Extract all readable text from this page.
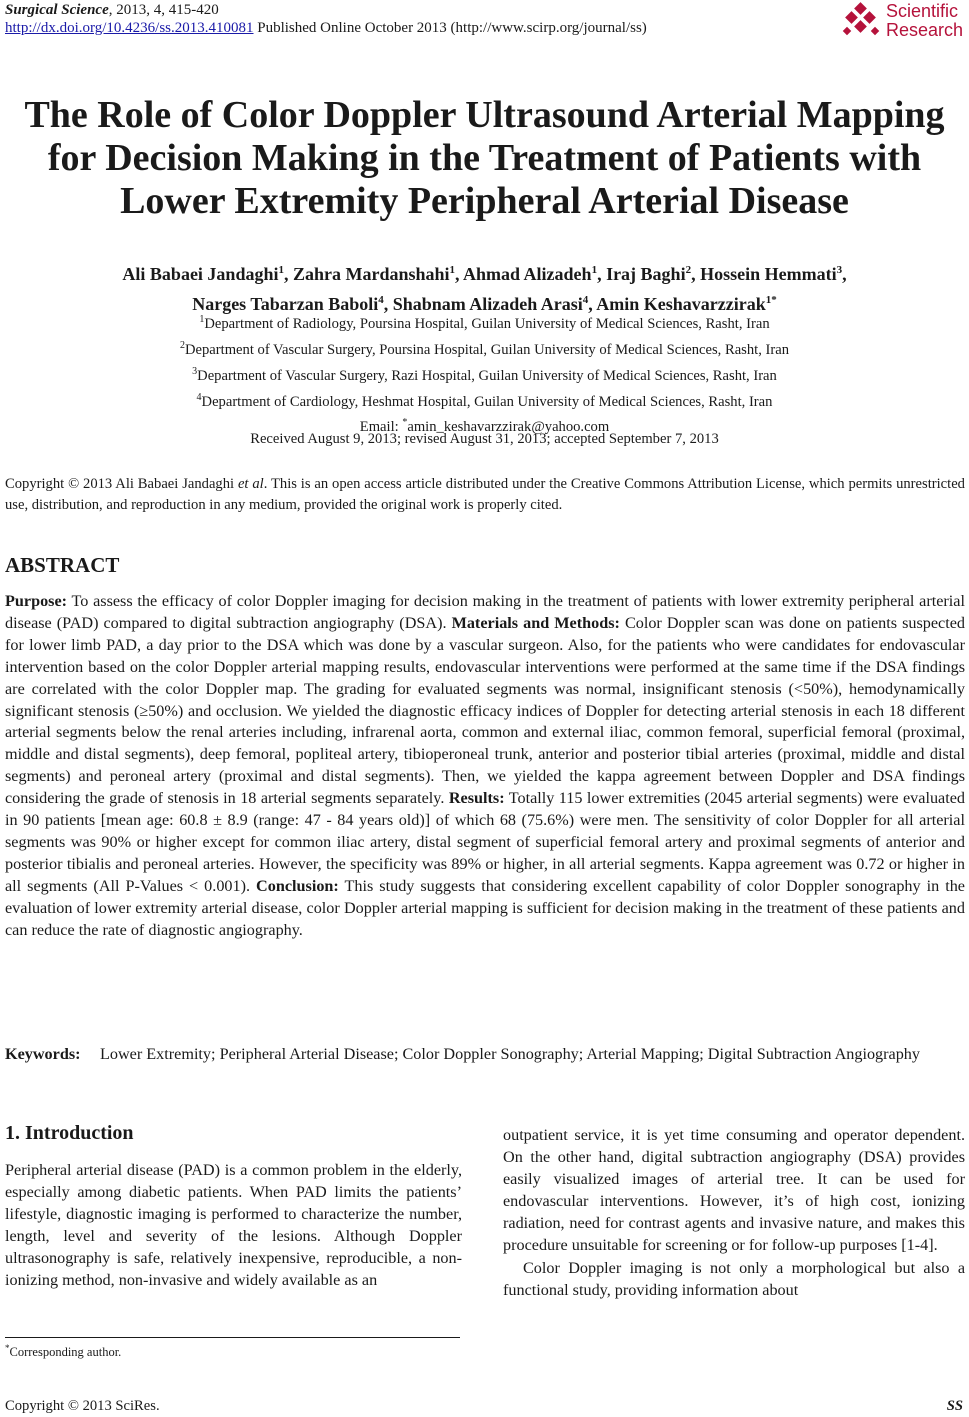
Surgical Science, 2013, 4, 415-420
http://dx.doi.org/10.4236/ss.2013.410081 Published Online October 2013 (http://www.scirp.org/journal/ss)
Scientific
Research
The Role of Color Doppler Ultrasound Arterial Mapping
for Decision Making in the Treatment of Patients with
Lower Extremity Peripheral Arterial Disease
Ali Babaei Jandaghi$^1$, Zahra Mardanshahi$^1$, Ahmad Alizadeh$^1$, Iraj Baghi$^2$, Hossein Hemmati$^3$,
Narges Tabarzan Baboli$^4$, Shabnam Alizadeh Arasi$^4$, Amin Keshavarzzirak$^{1*}$
$^1$Department of Radiology, Poursina Hospital, Guilan University of Medical Sciences, Rasht, Iran
$^2$Department of Vascular Surgery, Poursina Hospital, Guilan University of Medical Sciences, Rasht, Iran
$^3$Department of Vascular Surgery, Razi Hospital, Guilan University of Medical Sciences, Rasht, Iran
$^4$Department of Cardiology, Heshmat Hospital, Guilan University of Medical Sciences, Rasht, Iran
Email: *amin_keshavarzzirak@yahoo.com
Received August 9, 2013; revised August 31, 2013; accepted September 7, 2013
Copyright © 2013 Ali Babaei Jandaghi et al. This is an open access article distributed under the Creative Commons Attribution License, which permits unrestricted use, distribution, and reproduction in any medium, provided the original work is properly cited.
ABSTRACT
Purpose: To assess the efficacy of color Doppler imaging for decision making in the treatment of patients with lower extremity peripheral arterial disease (PAD) compared to digital subtraction angiography (DSA). Materials and Methods: Color Doppler scan was done on patients suspected for lower limb PAD, a day prior to the DSA which was done by a vascular surgeon. Also, for the patients who were candidates for endovascular intervention based on the color Doppler arterial mapping results, endovascular interventions were performed at the same time if the DSA findings are correlated with the color Doppler map. The grading for evaluated segments was normal, insignificant stenosis (<50%), hemodynamically significant stenosis (≥50%) and occlusion. We yielded the diagnostic efficacy indices of Doppler for detecting arterial stenosis in each 18 different arterial segments below the renal arteries including, infrarenal aorta, common and external iliac, common femoral, superficial femoral (proximal, middle and distal segments), deep femoral, popliteal artery, tibioperoneal trunk, anterior and posterior tibial arteries (proximal, middle and distal segments) and peroneal artery (proximal and distal segments). Then, we yielded the kappa agreement between Doppler and DSA findings considering the grade of stenosis in 18 arterial segments separately. Results: Totally 115 lower extremities (2045 arterial segments) were evaluated in 90 patients [mean age: 60.8 ± 8.9 (range: 47 - 84 years old)] of which 68 (75.6%) were men. The sensitivity of color Doppler for all arterial segments was 90% or higher except for common iliac artery, distal segment of superficial femoral artery and proximal segments of anterior and posterior tibialis and peroneal arteries. However, the specificity was 89% or higher, in all arterial segments. Kappa agreement was 0.72 or higher in all segments (All P-Values < 0.001). Conclusion: This study suggests that considering excellent capability of color Doppler sonography in the evaluation of lower extremity arterial disease, color Doppler arterial mapping is sufficient for decision making in the treatment of these patients and can reduce the rate of diagnostic angiography.
Keywords: Lower Extremity; Peripheral Arterial Disease; Color Doppler Sonography; Arterial Mapping; Digital Subtraction Angiography
1. Introduction
Peripheral arterial disease (PAD) is a common problem in the elderly, especially among diabetic patients. When PAD limits the patients’ lifestyle, diagnostic imaging is performed to characterize the number, length, level and severity of the lesions. Although Doppler ultrasonography is safe, relatively inexpensive, reproducible, a non-ionizing method, non-invasive and widely available as an
outpatient service, it is yet time consuming and operator dependent. On the other hand, digital subtraction angiography (DSA) provides easily visualized images of arterial tree. It can be used for endovascular interventions. However, it’s of high cost, ionizing radiation, need for contrast agents and invasive nature, and makes this procedure unsuitable for screening or for follow-up purposes [1-4].
Color Doppler imaging is not only a morphological but also a functional study, providing information about
*Corresponding author.
Copyright © 2013 SciRes.	SS
